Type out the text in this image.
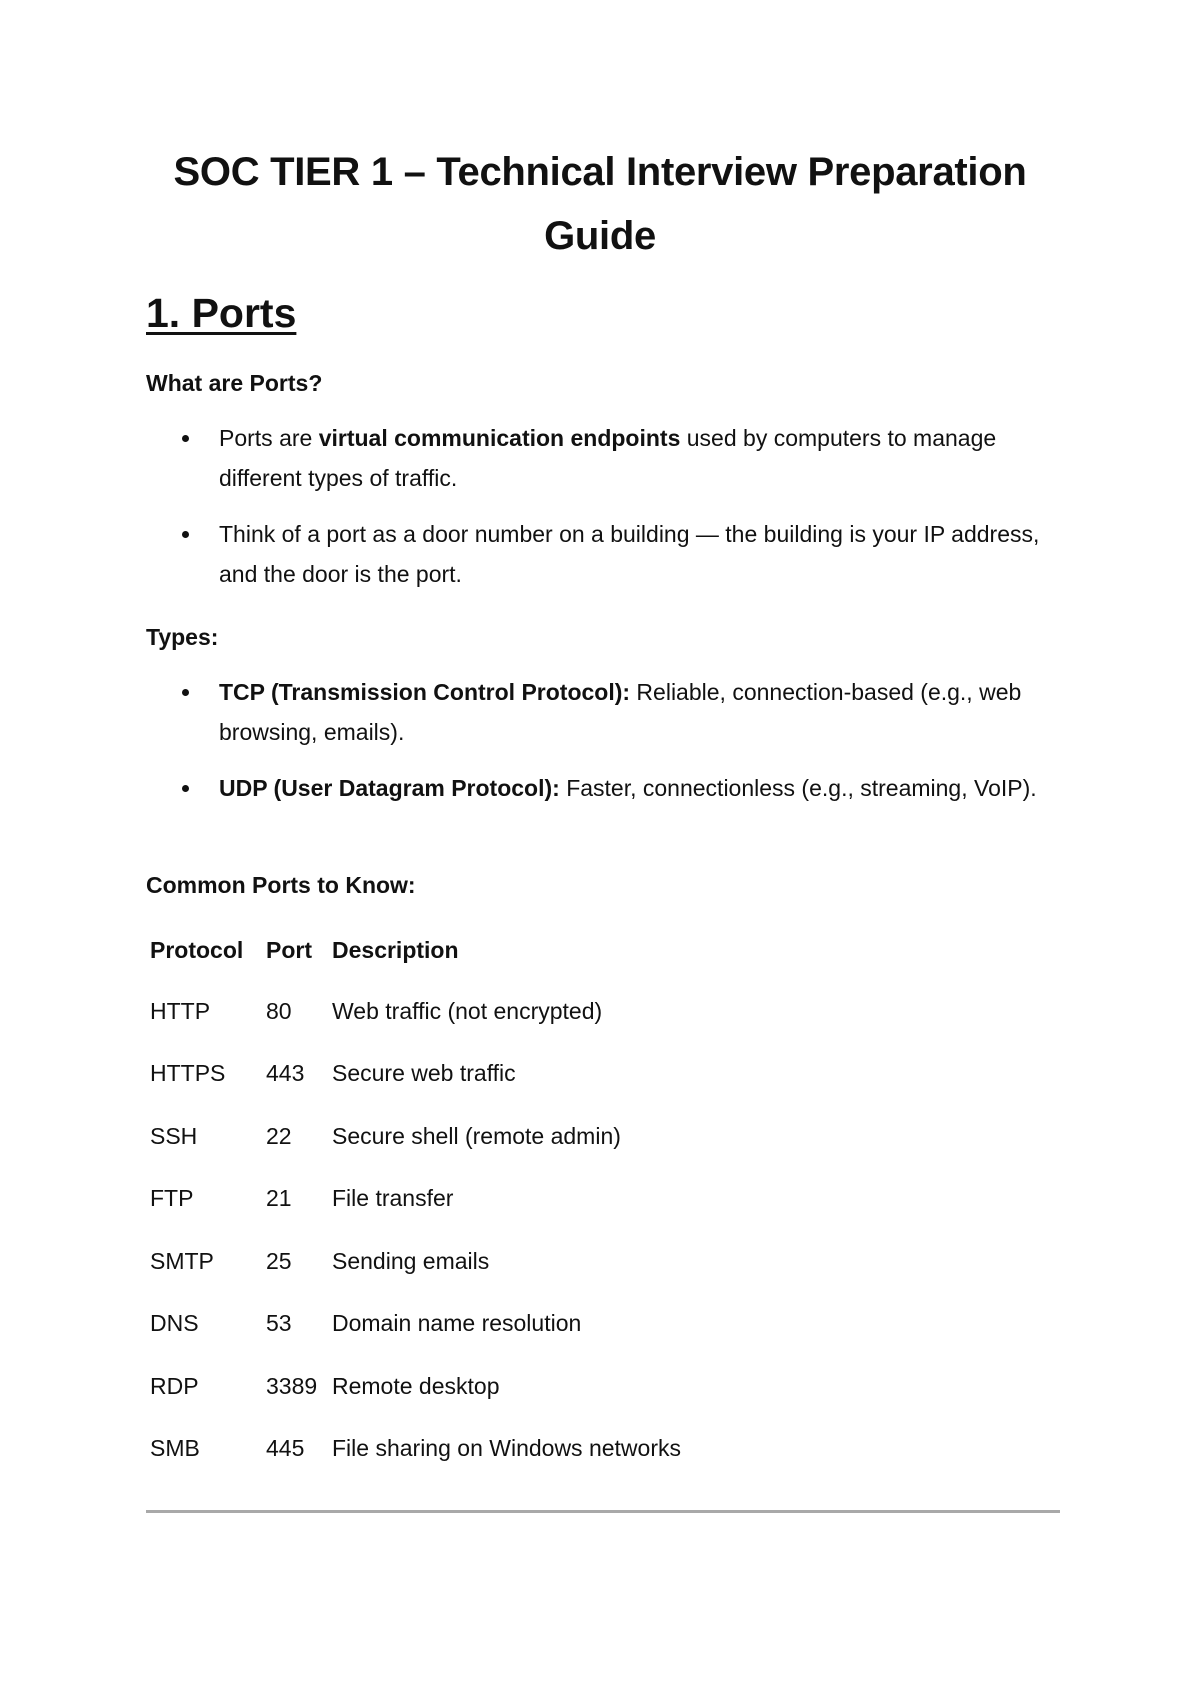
SOC TIER 1 – Technical Interview Preparation Guide
1. Ports

What are Ports?

Ports are virtual communication endpoints used by computers to manage different types of traffic.
Think of a port as a door number on a building — the building is your IP address, and the door is the port.

Types:

TCP (Transmission Control Protocol): Reliable, connection-based (e.g., web browsing, emails).
UDP (User Datagram Protocol): Faster, connectionless (e.g., streaming, VoIP).

Common Ports to Know:

Protocol	Port	Description
HTTP	80	Web traffic (not encrypted)
HTTPS	443	Secure web traffic
SSH	22	Secure shell (remote admin)
FTP	21	File transfer
SMTP	25	Sending emails
DNS	53	Domain name resolution
RDP	3389	Remote desktop
SMB	445	File sharing on Windows networks
